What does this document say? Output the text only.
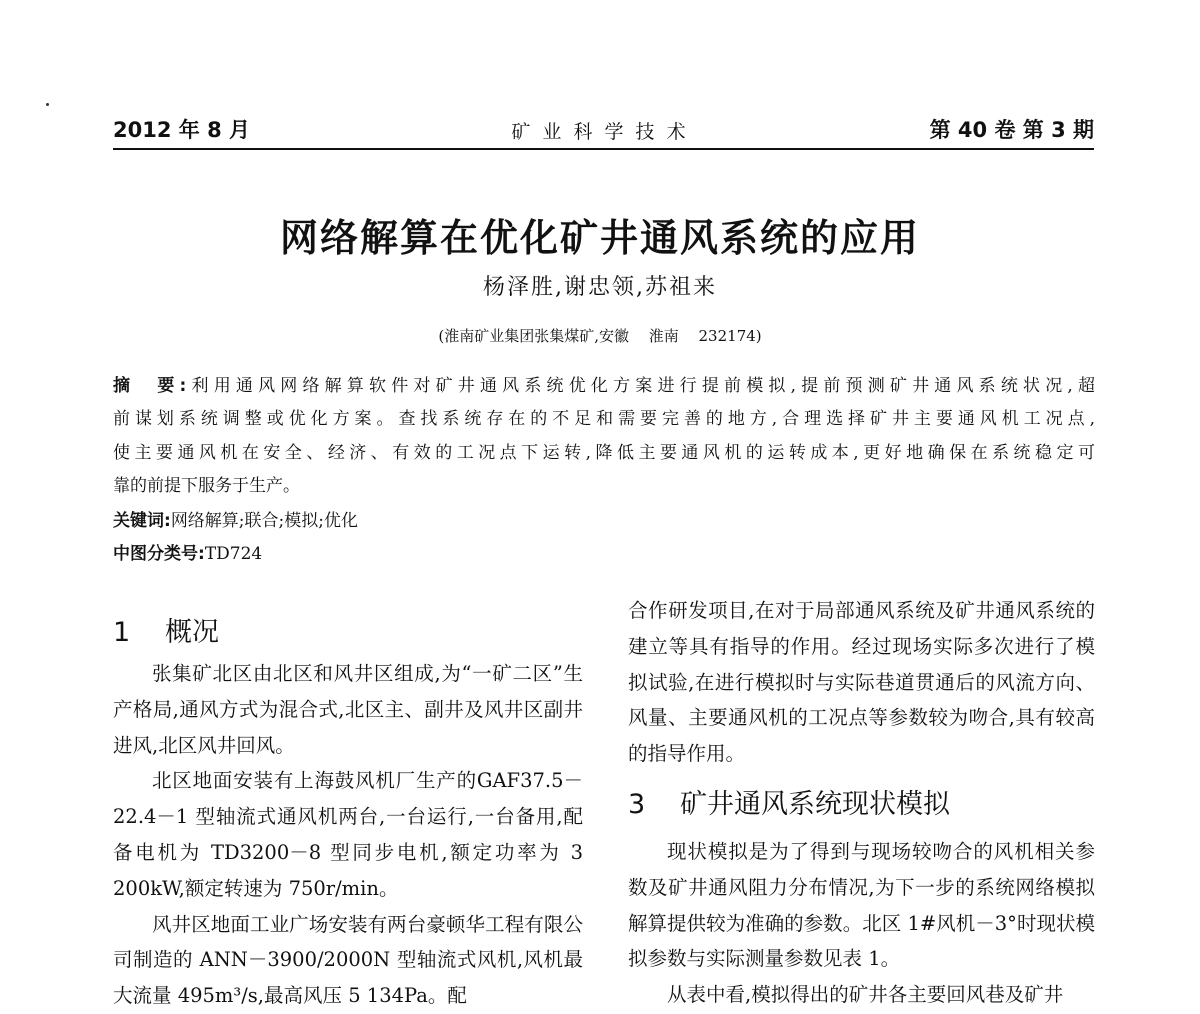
2012 年 8 月	矿 业 科 学 技 术	第 40 卷 第 3 期
网络解算在优化矿井通风系统的应用
杨泽胜,谢忠领,苏祖来
(淮南矿业集团张集煤矿,安徽　 淮南　 232174)
摘　要:利用通风网络解算软件对矿井通风系统优化方案进行提前模拟,提前预测矿井通风系统状况,超
前谋划系统调整或优化方案。查找系统存在的不足和需要完善的地方,合理选择矿井主要通风机工况点,
使主要通风机在安全、经济、有效的工况点下运转,降低主要通风机的运转成本,更好地确保在系统稳定可
靠的前提下服务于生产。
关键词:网络解算;联合;模拟;优化
中图分类号:TD724
1 概况

张集矿北区由北区和风井区组成,为“一矿二区”生产格局,通风方式为混合式,北区主、副井及风井区副井进风,北区风井回风。

北区地面安装有上海鼓风机厂生产的GAF37.5－22.4－1 型轴流式通风机两台,一台运行,一台备用,配备电机为 TD3200－8 型同步电机,额定功率为 3 200kW,额定转速为 750r/min。

风井区地面工业广场安装有两台豪顿华工程有限公司制造的 ANN－3900/2000N 型轴流式风机,风机最大流量 495m³/s,最高风压 5 134Pa。配

合作研发项目,在对于局部通风系统及矿井通风系统的建立等具有指导的作用。经过现场实际多次进行了模拟试验,在进行模拟时与实际巷道贯通后的风流方向、风量、主要通风机的工况点等参数较为吻合,具有较高的指导作用。

3 矿井通风系统现状模拟

现状模拟是为了得到与现场较吻合的风机相关参数及矿井通风阻力分布情况,为下一步的系统网络模拟解算提供较为准确的参数。北区 1#风机－3°时现状模拟参数与实际测量参数见表 1。

从表中看,模拟得出的矿井各主要回风巷及矿井
